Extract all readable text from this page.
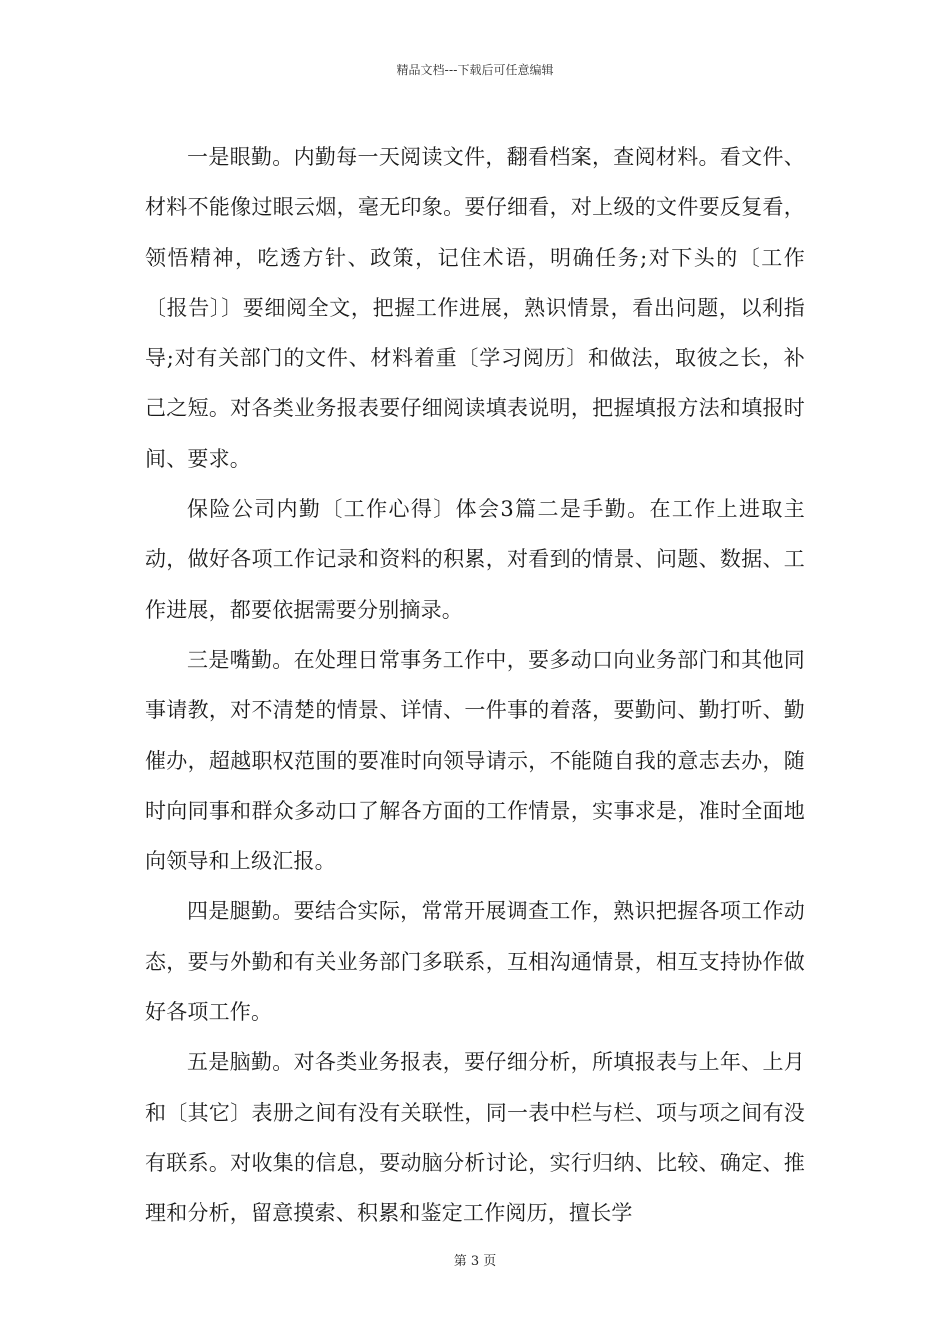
精品文档---下载后可任意编辑

一是眼勤。内勤每一天阅读文件，翻看档案，查阅材料。看文件、材料不能像过眼云烟，毫无印象。要仔细看，对上级的文件要反复看，领悟精神，吃透方针、政策，记住术语，明确任务;对下头的〔工作〔报告〕〕要细阅全文，把握工作进展，熟识情景，看出问题，以利指导;对有关部门的文件、材料着重〔学习阅历〕和做法，取彼之长，补己之短。对各类业务报表要仔细阅读填表说明，把握填报方法和填报时间、要求。

保险公司内勤〔工作心得〕体会3篇二是手勤。在工作上进取主动，做好各项工作记录和资料的积累，对看到的情景、问题、数据、工作进展，都要依据需要分别摘录。

三是嘴勤。在处理日常事务工作中，要多动口向业务部门和其他同事请教，对不清楚的情景、详情、一件事的着落，要勤问、勤打听、勤催办，超越职权范围的要准时向领导请示，不能随自我的意志去办，随时向同事和群众多动口了解各方面的工作情景，实事求是，准时全面地向领导和上级汇报。

四是腿勤。要结合实际，常常开展调查工作，熟识把握各项工作动态，要与外勤和有关业务部门多联系，互相沟通情景，相互支持协作做好各项工作。

五是脑勤。对各类业务报表，要仔细分析，所填报表与上年、上月和〔其它〕表册之间有没有关联性，同一表中栏与栏、项与项之间有没有联系。对收集的信息，要动脑分析讨论，实行归纳、比较、确定、推理和分析，留意摸索、积累和鉴定工作阅历，擅长学

第 3 页
